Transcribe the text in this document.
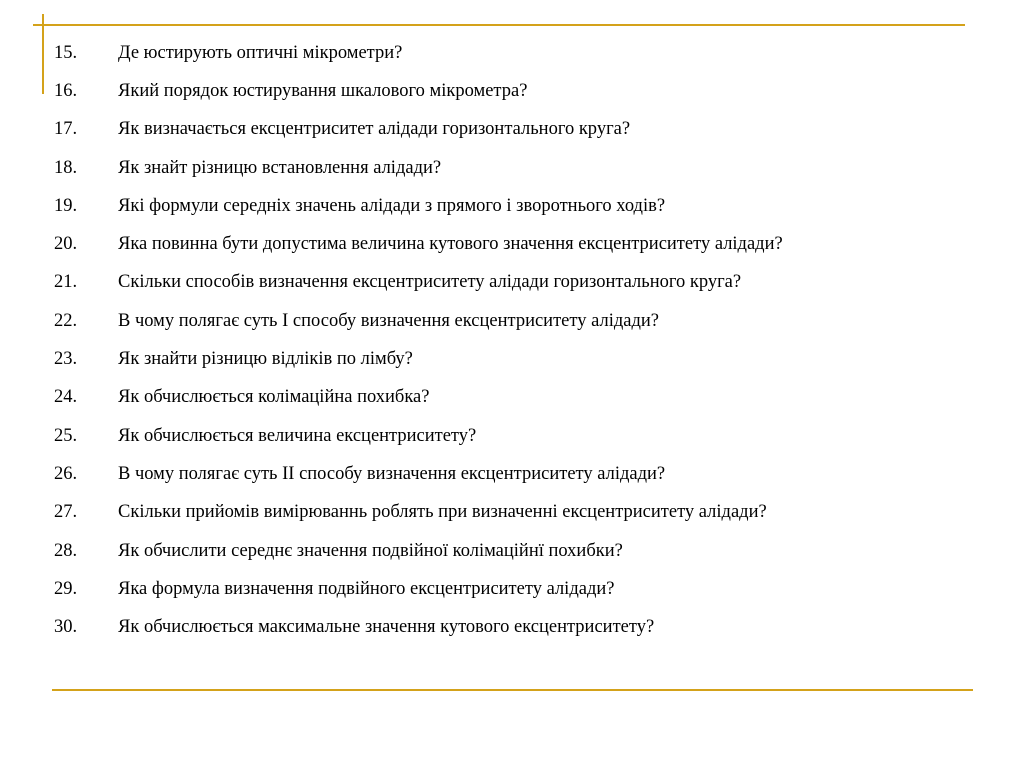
15.	Де юстирують оптичні мікрометри?
16.	Який порядок юстирування шкалового мікрометра?
17.	Як визначається ексцентриситет алідади горизонтального круга?
18.	Як знайт різницю встановлення алідади?
19.	Які формули середніх значень алідади з прямого і зворотнього ходів?
20.	Яка повинна бути допустима величина кутового значення ексцентриситету алідади?
21.	Скільки способів визначення ексцентриситету алідади горизонтального круга?
22.	В чому полягає суть І способу визначення ексцентриситету алідади?
23.	Як знайти різницю відліків по лімбу?
24.	Як обчислюється колімаційна похибка?
25.	Як обчислюється величина ексцентриситету?
26.	В чому полягає суть ІІ способу визначення ексцентриситету алідади?
27.	Скільки прийомів вимірюваннь роблять при визначенні ексцентриситету алідади?
28.	Як обчислити середнє значення подвійної колімаційнї похибки?
29.	Яка формула визначення подвійного ексцентриситету алідади?
30.	Як обчислюється максимальне значення кутового ексцентриситету?
